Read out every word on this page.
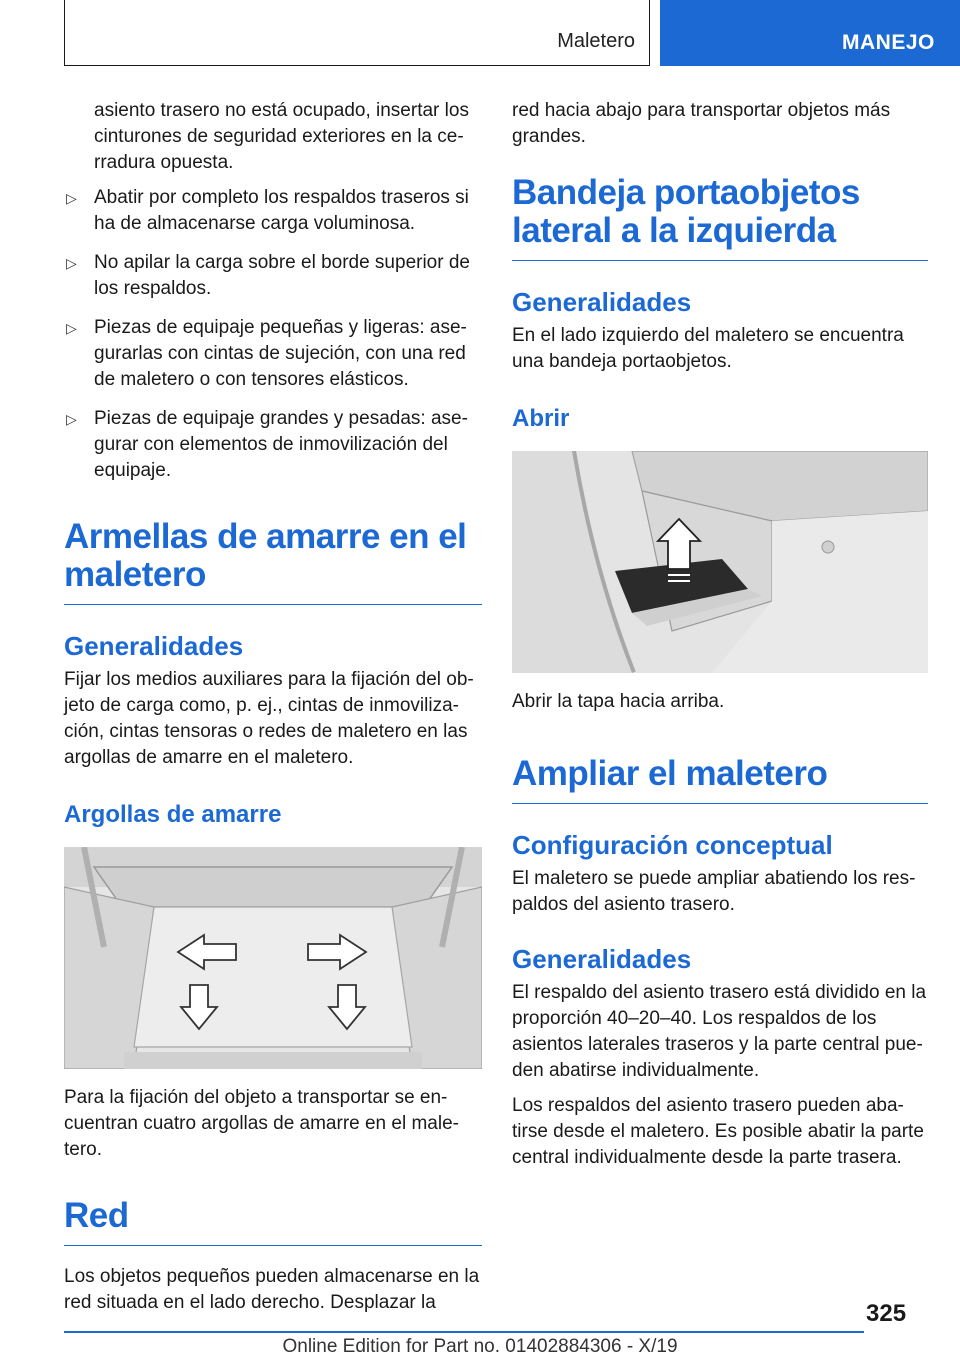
Maletero	MANEJO

asiento trasero no está ocupado, insertar los cinturones de seguridad exteriores en la ce-rradura opuesta.

▷ Abatir por completo los respaldos traseros si ha de almacenarse carga voluminosa.
▷ No apilar la carga sobre el borde superior de los respaldos.
▷ Piezas de equipaje pequeñas y ligeras: ase-gurarlas con cintas de sujeción, con una red de maletero o con tensores elásticos.
▷ Piezas de equipaje grandes y pesadas: ase-gurar con elementos de inmovilización del equipaje.
Armellas de amarre en el maletero
Generalidades

Fijar los medios auxiliares para la fijación del ob-jeto de carga como, p. ej., cintas de inmoviliza-ción, cintas tensoras o redes de maletero en las argollas de amarre en el maletero.

Argollas de amarre

Para la fijación del objeto a transportar se en-cuentran cuatro argollas de amarre en el male-tero.

Red

Los objetos pequeños pueden almacenarse en la red situada en el lado derecho. Desplazar la

red hacia abajo para transportar objetos más grandes.

Bandeja portaobjetos lateral a la izquierda
Generalidades

En el lado izquierdo del maletero se encuentra una bandeja portaobjetos.

Abrir

Abrir la tapa hacia arriba.

Ampliar el maletero
Configuración conceptual

El maletero se puede ampliar abatiendo los res-paldos del asiento trasero.

Generalidades

El respaldo del asiento trasero está dividido en la proporción 40–20–40. Los respaldos de los asientos laterales traseros y la parte central pue-den abatirse individualmente.

Los respaldos del asiento trasero pueden aba-tirse desde el maletero. Es posible abatir la parte central individualmente desde la parte trasera.

325
Online Edition for Part no. 01402884306 - X/19
